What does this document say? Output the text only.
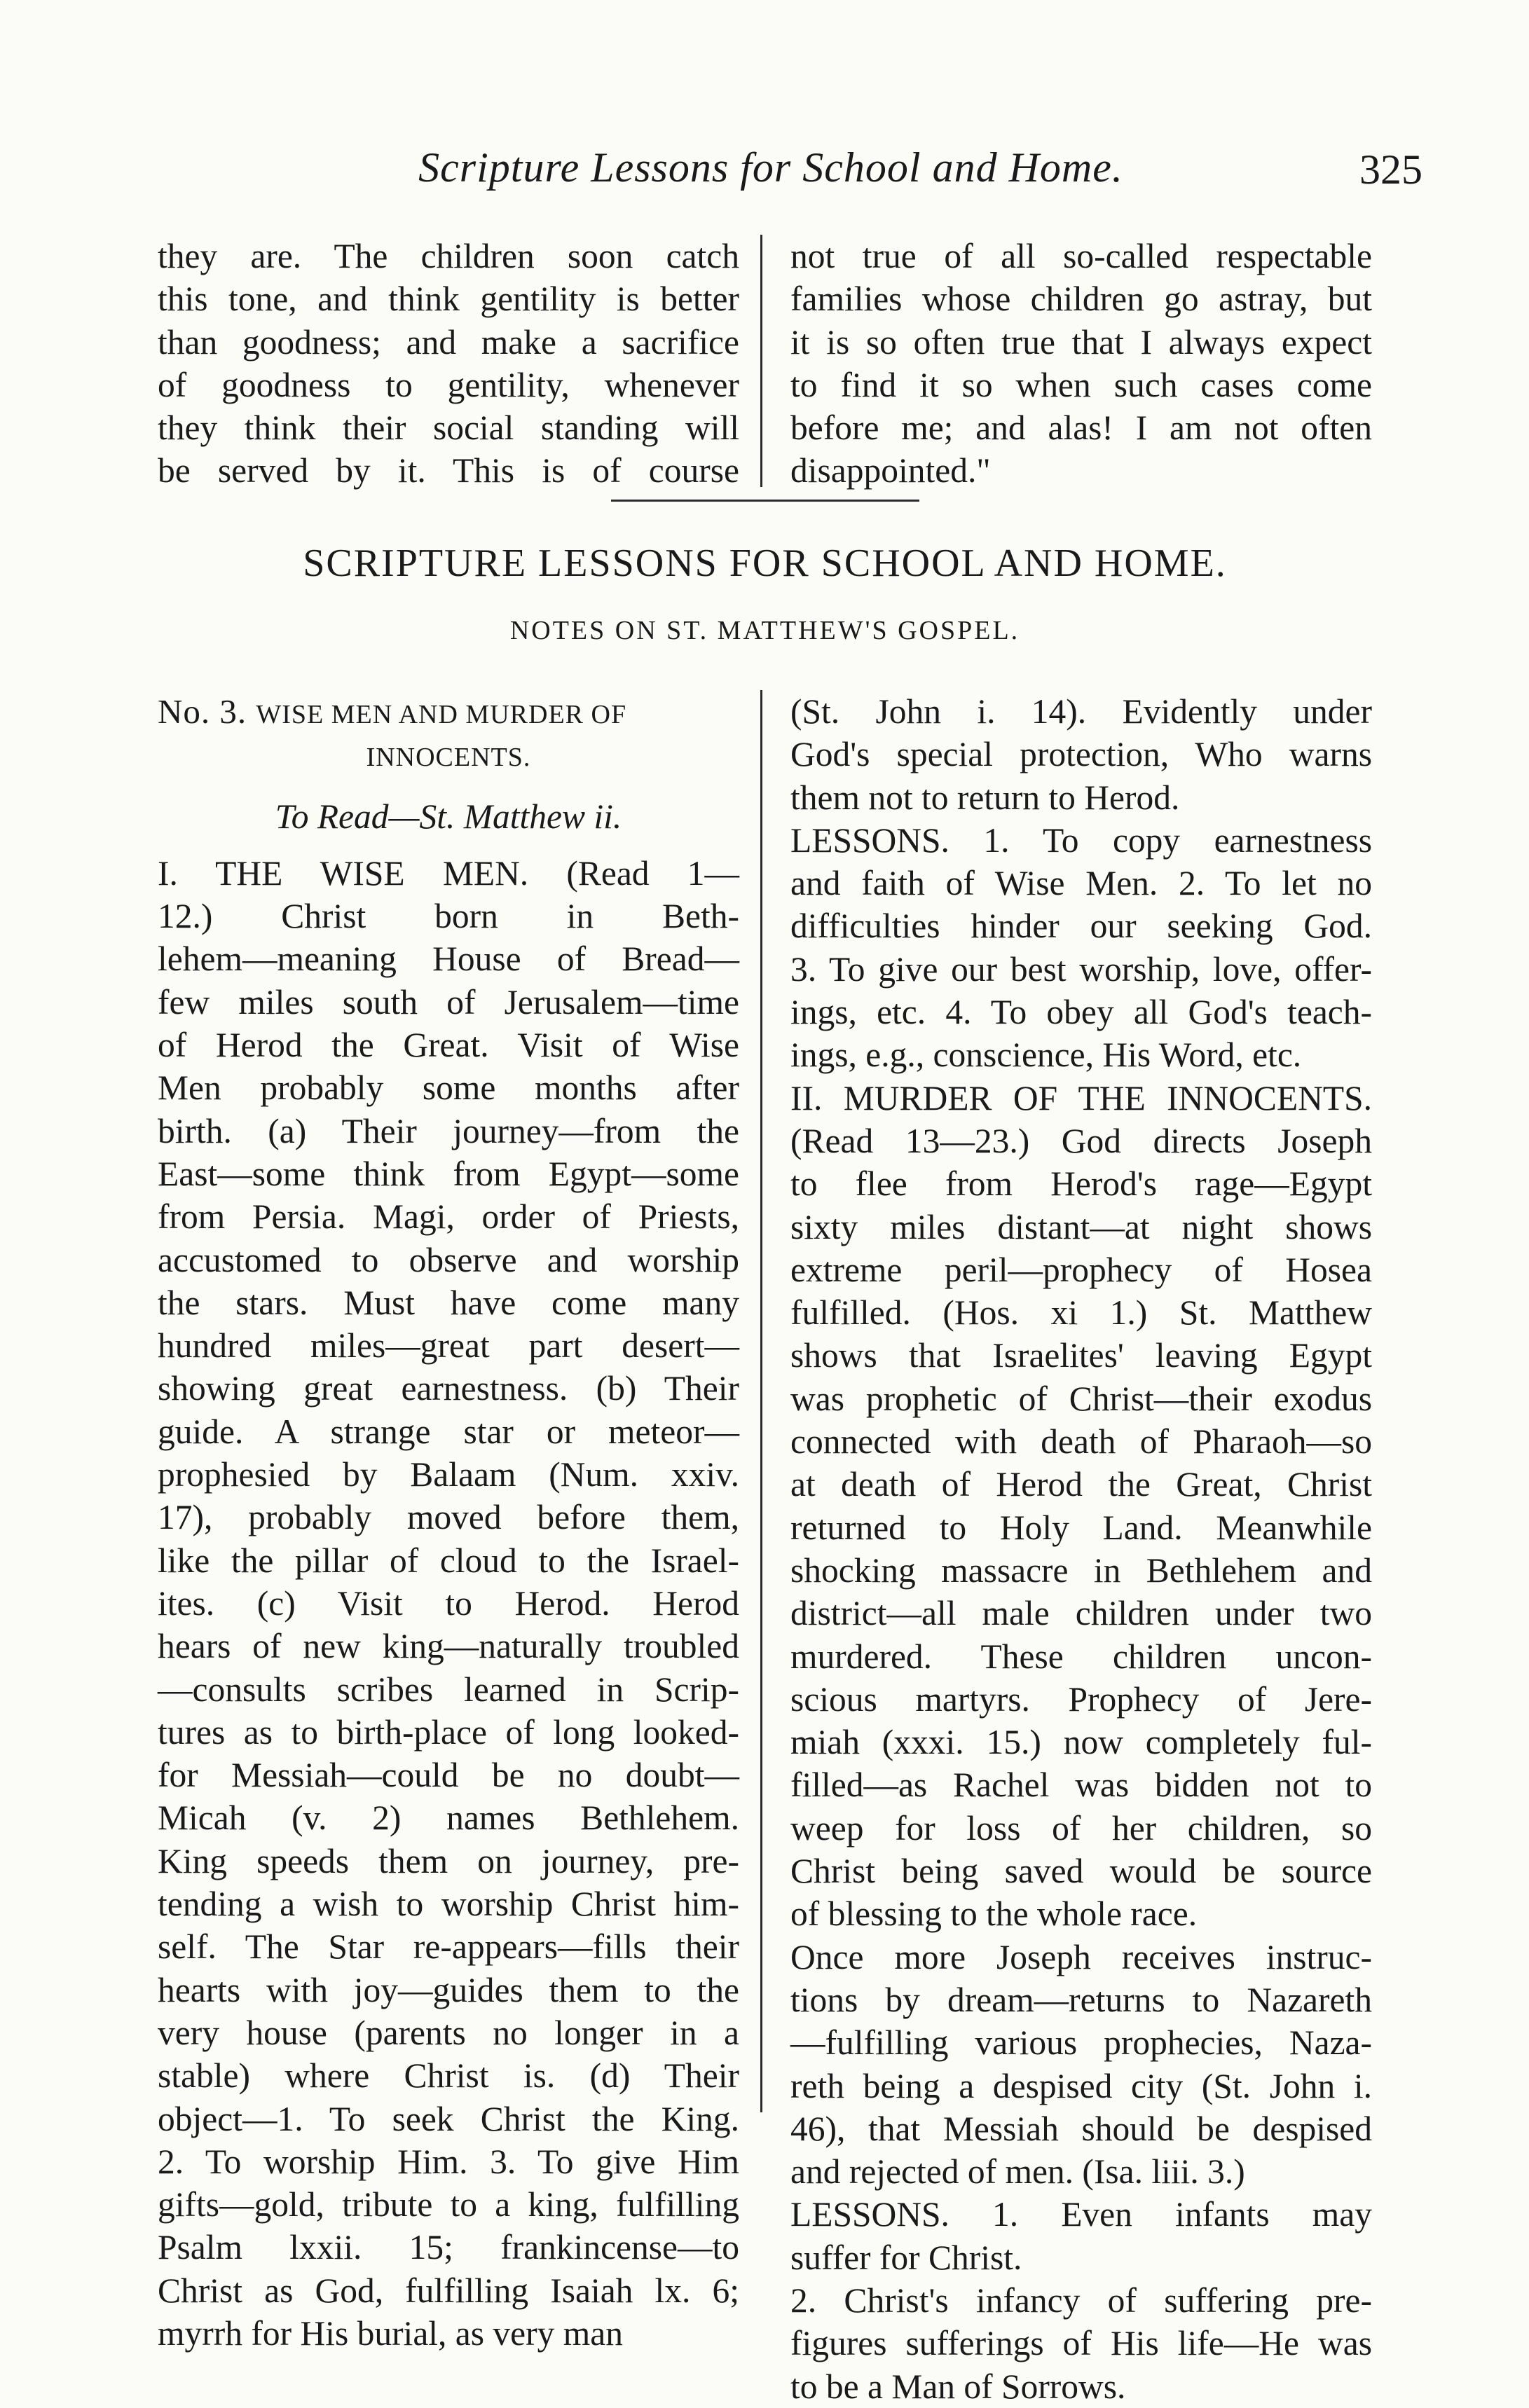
Scripture Lessons for School and Home.	325
they are. The children soon catch
this tone, and think gentility is better
than goodness; and make a sacrifice
of goodness to gentility, whenever
they think their social standing will
be served by it. This is of course
not true of all so-called respectable
families whose children go astray, but
it is so often true that I always expect
to find it so when such cases come
before me; and alas! I am not often
disappointed."
SCRIPTURE LESSONS FOR SCHOOL AND HOME.
NOTES ON ST. MATTHEW'S GOSPEL.

No. 3. WISE MEN AND MURDER OF

INNOCENTS.

To Read—St. Matthew ii.

I. THE WISE MEN. (Read 1—
12.) Christ born in Beth-
lehem—meaning House of Bread—
few miles south of Jerusalem—time
of Herod the Great. Visit of Wise
Men probably some months after
birth. (a) Their journey—from the
East—some think from Egypt—some
from Persia. Magi, order of Priests,
accustomed to observe and worship
the stars. Must have come many
hundred miles—great part desert—
showing great earnestness. (b) Their
guide. A strange star or meteor—
prophesied by Balaam (Num. xxiv.
17), probably moved before them,
like the pillar of cloud to the Israel-
ites. (c) Visit to Herod. Herod
hears of new king—naturally troubled
—consults scribes learned in Scrip-
tures as to birth-place of long looked-
for Messiah—could be no doubt—
Micah (v. 2) names Bethlehem.
King speeds them on journey, pre-
tending a wish to worship Christ him-
self. The Star re-appears—fills their
hearts with joy—guides them to the
very house (parents no longer in a
stable) where Christ is. (d) Their
object—1. To seek Christ the King.
2. To worship Him. 3. To give Him
gifts—gold, tribute to a king, fulfilling
Psalm lxxii. 15; frankincense—to
Christ as God, fulfilling Isaiah lx. 6;
myrrh for His burial, as very man
(St. John i. 14). Evidently under
God's special protection, Who warns
them not to return to Herod.
LESSONS. 1. To copy earnestness
and faith of Wise Men. 2. To let no
difficulties hinder our seeking God.
3. To give our best worship, love, offer-
ings, etc. 4. To obey all God's teach-
ings, e.g., conscience, His Word, etc.
II. MURDER OF THE INNOCENTS.
(Read 13—23.) God directs Joseph
to flee from Herod's rage—Egypt
sixty miles distant—at night shows
extreme peril—prophecy of Hosea
fulfilled. (Hos. xi 1.) St. Matthew
shows that Israelites' leaving Egypt
was prophetic of Christ—their exodus
connected with death of Pharaoh—so
at death of Herod the Great, Christ
returned to Holy Land. Meanwhile
shocking massacre in Bethlehem and
district—all male children under two
murdered. These children uncon-
scious martyrs. Prophecy of Jere-
miah (xxxi. 15.) now completely ful-
filled—as Rachel was bidden not to
weep for loss of her children, so
Christ being saved would be source
of blessing to the whole race.
Once more Joseph receives instruc-
tions by dream—returns to Nazareth
—fulfilling various prophecies, Naza-
reth being a despised city (St. John i.
46), that Messiah should be despised
and rejected of men. (Isa. liii. 3.)
LESSONS. 1. Even infants may
suffer for Christ.
2. Christ's infancy of suffering pre-
figures sufferings of His life—He was
to be a Man of Sorrows.
